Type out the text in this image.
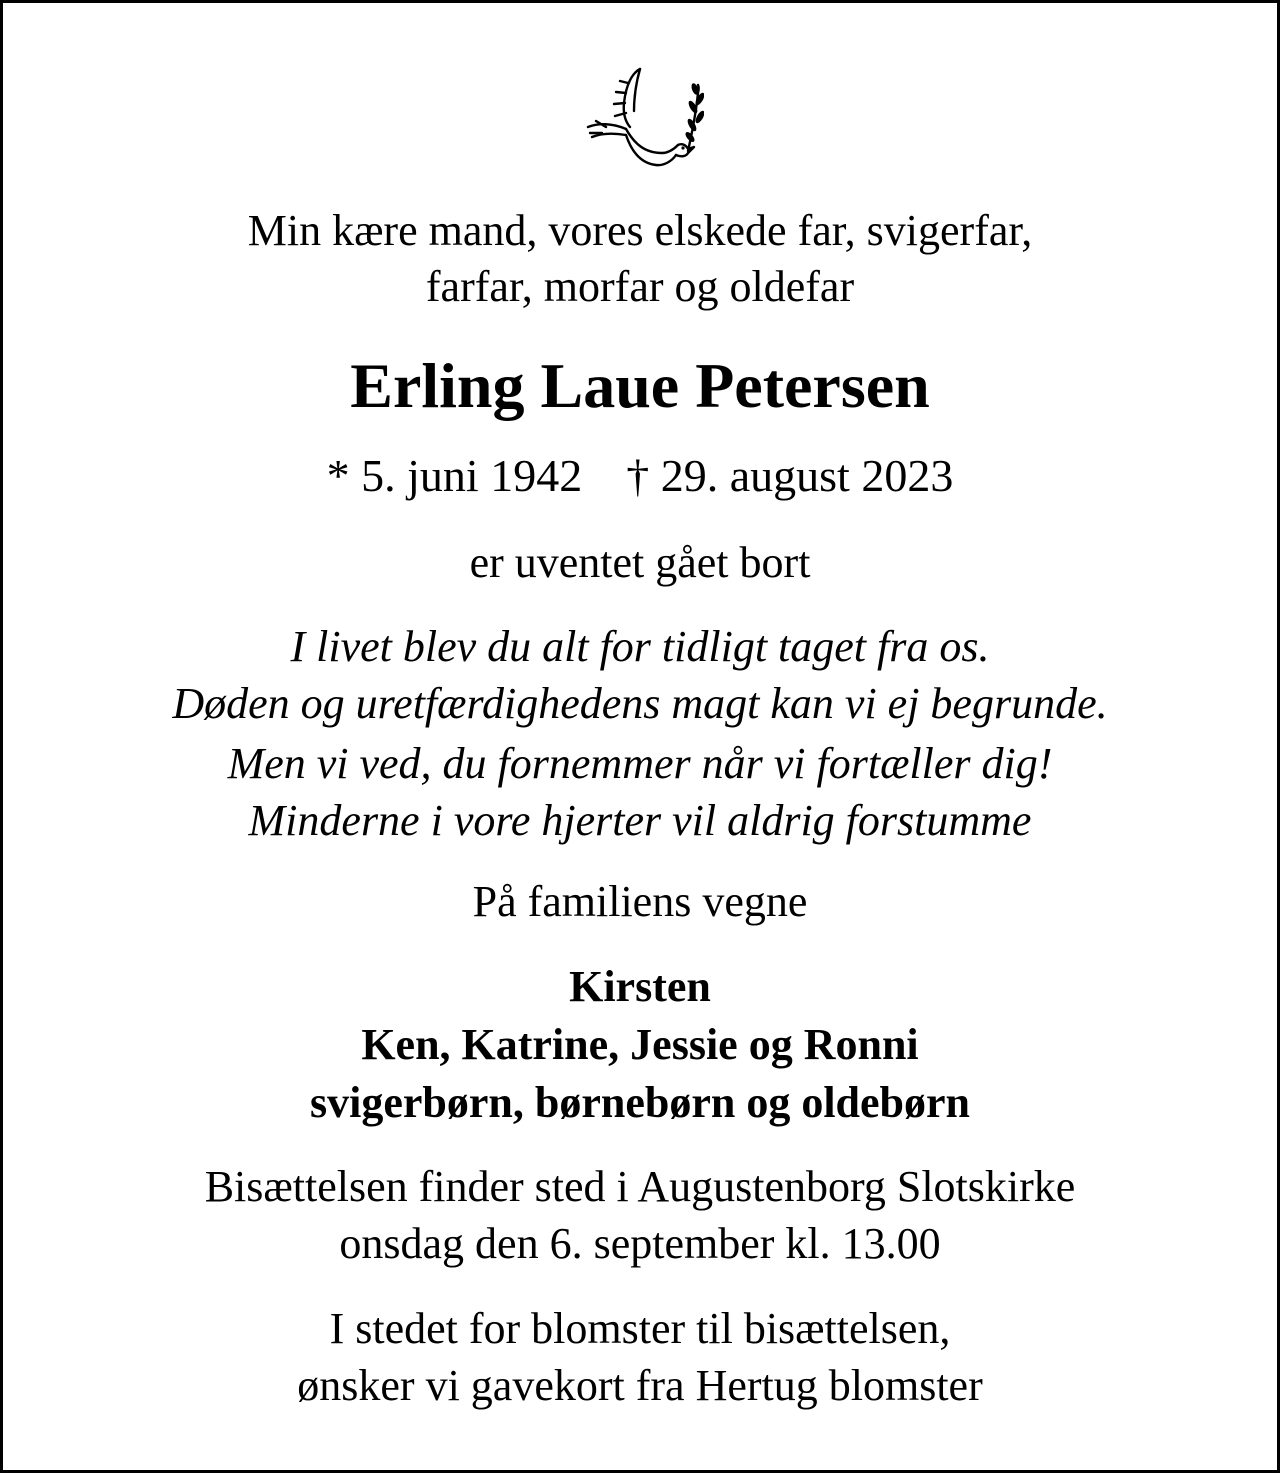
Min kære mand, vores elskede far, svigerfar,

farfar, morfar og oldefar

Erling Laue Petersen

* 5. juni 1942 † 29. august 2023

er uventet gået bort

I livet blev du alt for tidligt taget fra os.

Døden og uretfærdighedens magt kan vi ej begrunde.

Men vi ved, du fornemmer når vi fortæller dig!

Minderne i vore hjerter vil aldrig forstumme

På familiens vegne

Kirsten

Ken, Katrine, Jessie og Ronni

svigerbørn, børnebørn og oldebørn

Bisættelsen finder sted i Augustenborg Slotskirke

onsdag den 6. september kl. 13.00

I stedet for blomster til bisættelsen,

ønsker vi gavekort fra Hertug blomster
